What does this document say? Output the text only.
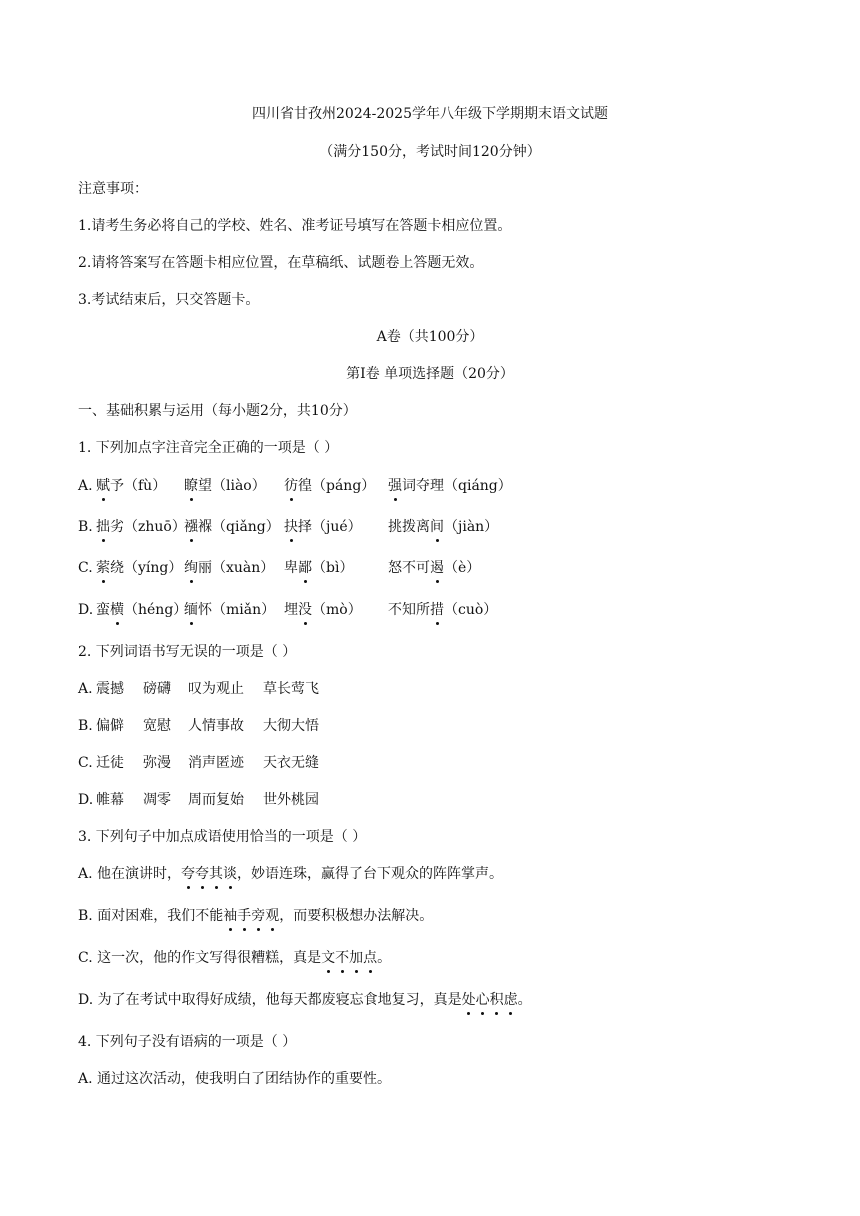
四川省甘孜州2024-2025学年八年级下学期期末语文试题
（满分150分，考试时间120分钟）
注意事项：
1.请考生务必将自己的学校、姓名、准考证号填写在答题卡相应位置。
2.请将答案写在答题卡相应位置，在草稿纸、试题卷上答题无效。
3.考试结束后，只交答题卡。
A卷（共100分）
第Ⅰ卷 单项选择题（20分）
一、基础积累与运用（每小题2分，共10分）
1. 下列加点字注音完全正确的一项是（ ）
A. 赋予（fù） 瞭望（liào） 彷徨（páng） 强词夺理（qiáng）
B. 拙劣（zhuō）
襁褓（qiǎng） 抉择（jué） 挑拨离间（jiàn）
C. 萦绕（yíng） 绚丽（xuàn） 卑鄙（bì） 怒不可遏（è）
D. 蛮横（héng）
缅怀（miǎn） 埋没（mò） 不知所措（cuò）
2. 下列词语书写无误的一项是（ ）
A. 震撼 磅礴 叹为观止 草长莺飞
B. 偏僻 宽慰 人情事故 大彻大悟
C. 迁徒 弥漫 消声匿迹 天衣无缝
D. 帷幕 凋零 周而复始 世外桃园
3. 下列句子中加点成语使用恰当的一项是（ ）
A. 他在演讲时，夸夸其谈，妙语连珠，赢得了台下观众的阵阵掌声。
B. 面对困难，我们不能袖手旁观，而要积极想办法解决。
C. 这一次，他的作文写得很糟糕，真是文不加点。
D. 为了在考试中取得好成绩，他每天都废寝忘食地复习，真是处心积虑。
4. 下列句子没有语病的一项是（ ）
A. 通过这次活动，使我明白了团结协作的重要性。
